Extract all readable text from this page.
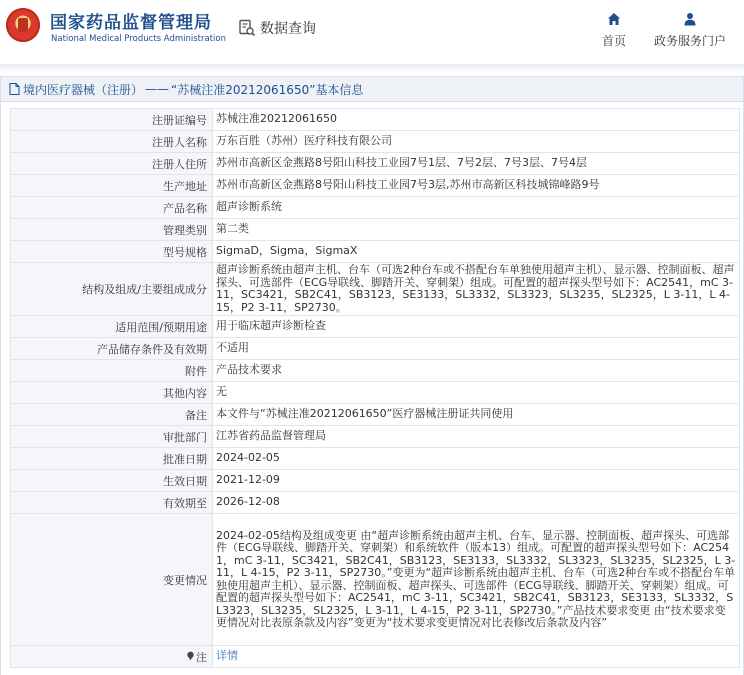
国家药品监督管理局
National Medical Products Administration
数据查询
首页	政务服务门户
境内医疗器械（注册） —— “苏械注准20212061650”基本信息
注册证编号	苏械注准20212061650
注册人名称	万东百胜（苏州）医疗科技有限公司
注册人住所	苏州市高新区金燕路8号阳山科技工业园7号1层、7号2层、7号3层、7号4层
生产地址	苏州市高新区金燕路8号阳山科技工业园7号3层,苏州市高新区科技城锦峰路9号
产品名称	超声诊断系统
管理类别	第二类
型号规格	SigmaD，Sigma，SigmaX
结构及组成/主要组成成分	超声诊断系统由超声主机、台车（可选2种台车或不搭配台车单独使用超声主机）、显示器、控制面板、超声探头、可选部件（ECG导联线、脚踏开关、穿刺架）组成。可配置的超声探头型号如下：AC2541，mC 3-11，SC3421，SB2C41，SB3123，SE3133，SL3332，SL3323，SL3235，SL2325，L 3-11，L 4-15，P2 3-11，SP2730。
适用范围/预期用途	用于临床超声诊断检查
产品储存条件及有效期	不适用
附件	产品技术要求
其他内容	无
备注	本文件与“苏械注准20212061650”医疗器械注册证共同使用
审批部门	江苏省药品监督管理局
批准日期	2024-02-05
生效日期	2021-12-09
有效期至	2026-12-08
变更情况	2024-02-05结构及组成变更 由“超声诊断系统由超声主机、台车、显示器、控制面板、超声探头、可选部件（ECG导联线、脚踏开关、穿刺架）和系统软件（版本13）组成。可配置的超声探头型号如下：AC2541，mC 3-11，SC3421，SB2C41，SB3123，SE3133，SL3332，SL3323，SL3235，SL2325，L 3-11，L 4-15，P2 3-11，SP2730。”变更为“超声诊断系统由超声主机、台车（可选2种台车或不搭配台车单独使用超声主机）、显示器、控制面板、超声探头、可选部件（ECG导联线、脚踏开关、穿刺架）组成。可配置的超声探头型号如下：AC2541，mC 3-11，SC3421，SB2C41，SB3123，SE3133，SL3332，SL3323，SL3235，SL2325，L 3-11，L 4-15，P2 3-11，SP2730。”产品技术要求变更 由“技术要求变更情况对比表原条款及内容”变更为“技术要求变更情况对比表修改后条款及内容”
注	详情
